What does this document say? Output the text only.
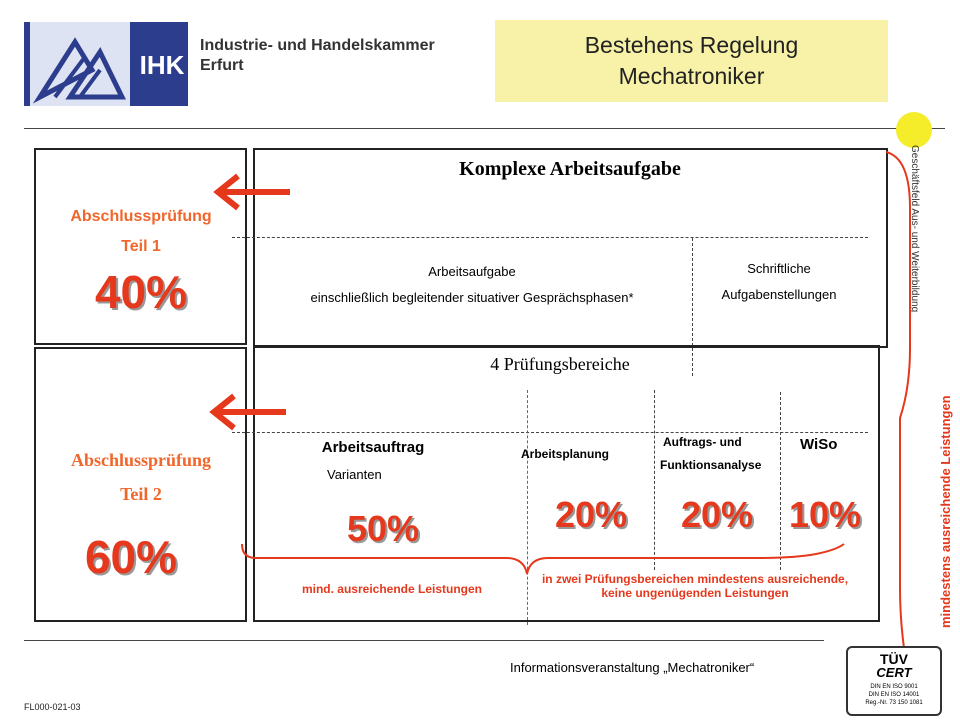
IHK
Industrie- und Handelskammer
Erfurt
Bestehens Regelung
Mechatroniker
Geschäftsfeld Aus- und Weiterbildung
mindestens ausreichende Leistungen
Abschlussprüfung
Teil 1
40%
Komplexe Arbeitsaufgabe
Arbeitsaufgabe
einschließlich begleitender situativer Gesprächsphasen*
Schriftliche
Aufgabenstellungen
4 Prüfungsbereiche
Abschlussprüfung
Teil 2
60%
Arbeitsauftrag
Varianten
50%
Arbeitsplanung
20%
Auftrags- und
Funktionsanalyse
20%
WiSo
10%
mind. ausreichende Leistungen
in zwei Prüfungsbereichen mindestens ausreichende, keine ungenügenden Leistungen
Informationsveranstaltung „Mechatroniker“
FL000-021-03
TÜV
CERT
DIN EN ISO 9001
DIN EN ISO 14001
Reg.-Nr. 73 150 1081
